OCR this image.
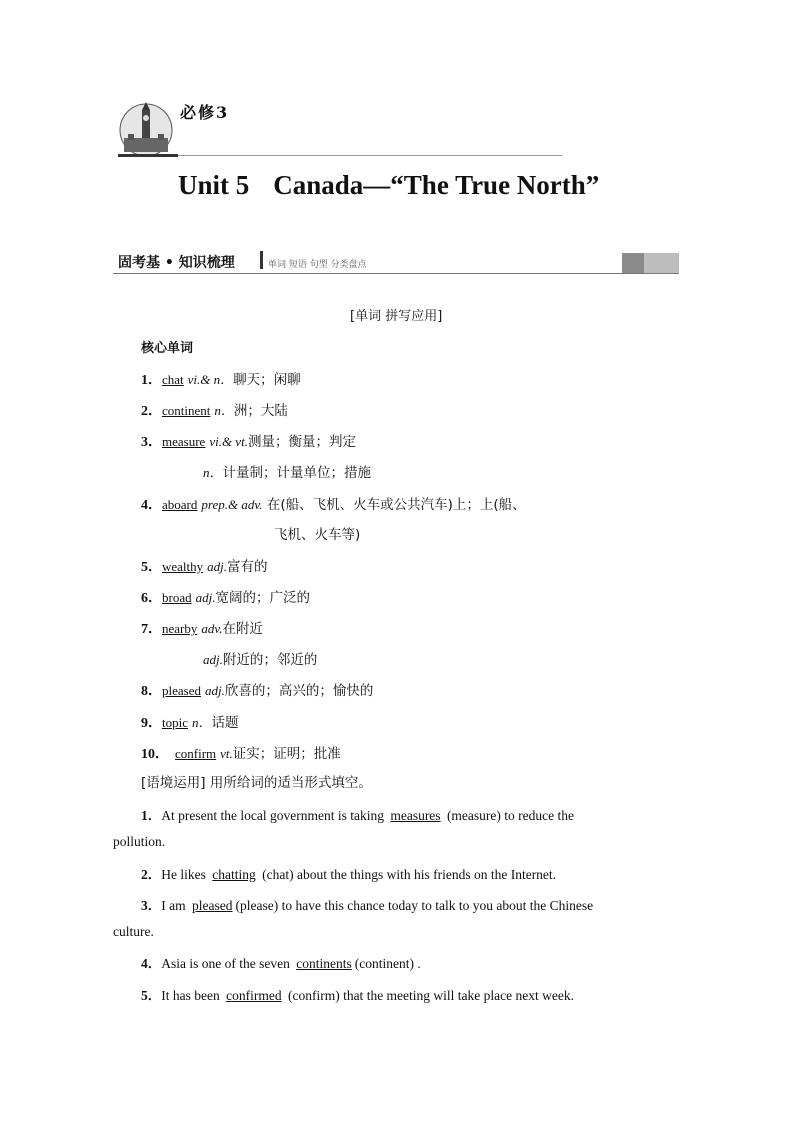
必修3
Unit 5 Canada—“The True North”
固考基 • 知识梳理	单词 短语 句型 分类盘点
[单词 拼写应用]
核心单词
1．chat vi.& n．聊天；闲聊
2．continent n．洲；大陆
3．measure vi.& vt.测量；衡量；判定
n．计量制；计量单位；措施
4．aboard prep.& adv. 在(船、飞机、火车或公共汽车)上；上(船、
飞机、火车等)
5．wealthy adj.富有的
6．broad adj.宽阔的；广泛的
7．nearby adv.在附近
adj.附近的；邻近的
8．pleased adj.欣喜的；高兴的；愉快的
9．topic n．话题
10． confirm vt.证实；证明；批准
[语境运用] 用所给词的适当形式填空。
1．At present the local government is taking measures (measure) to reduce the
pollution.
2．He likes chatting (chat) about the things with his friends on the Internet.
3．I am pleased (please) to have this chance today to talk to you about the Chinese
culture.
4．Asia is one of the seven continents (continent) .
5．It has been confirmed (confirm) that the meeting will take place next week.
